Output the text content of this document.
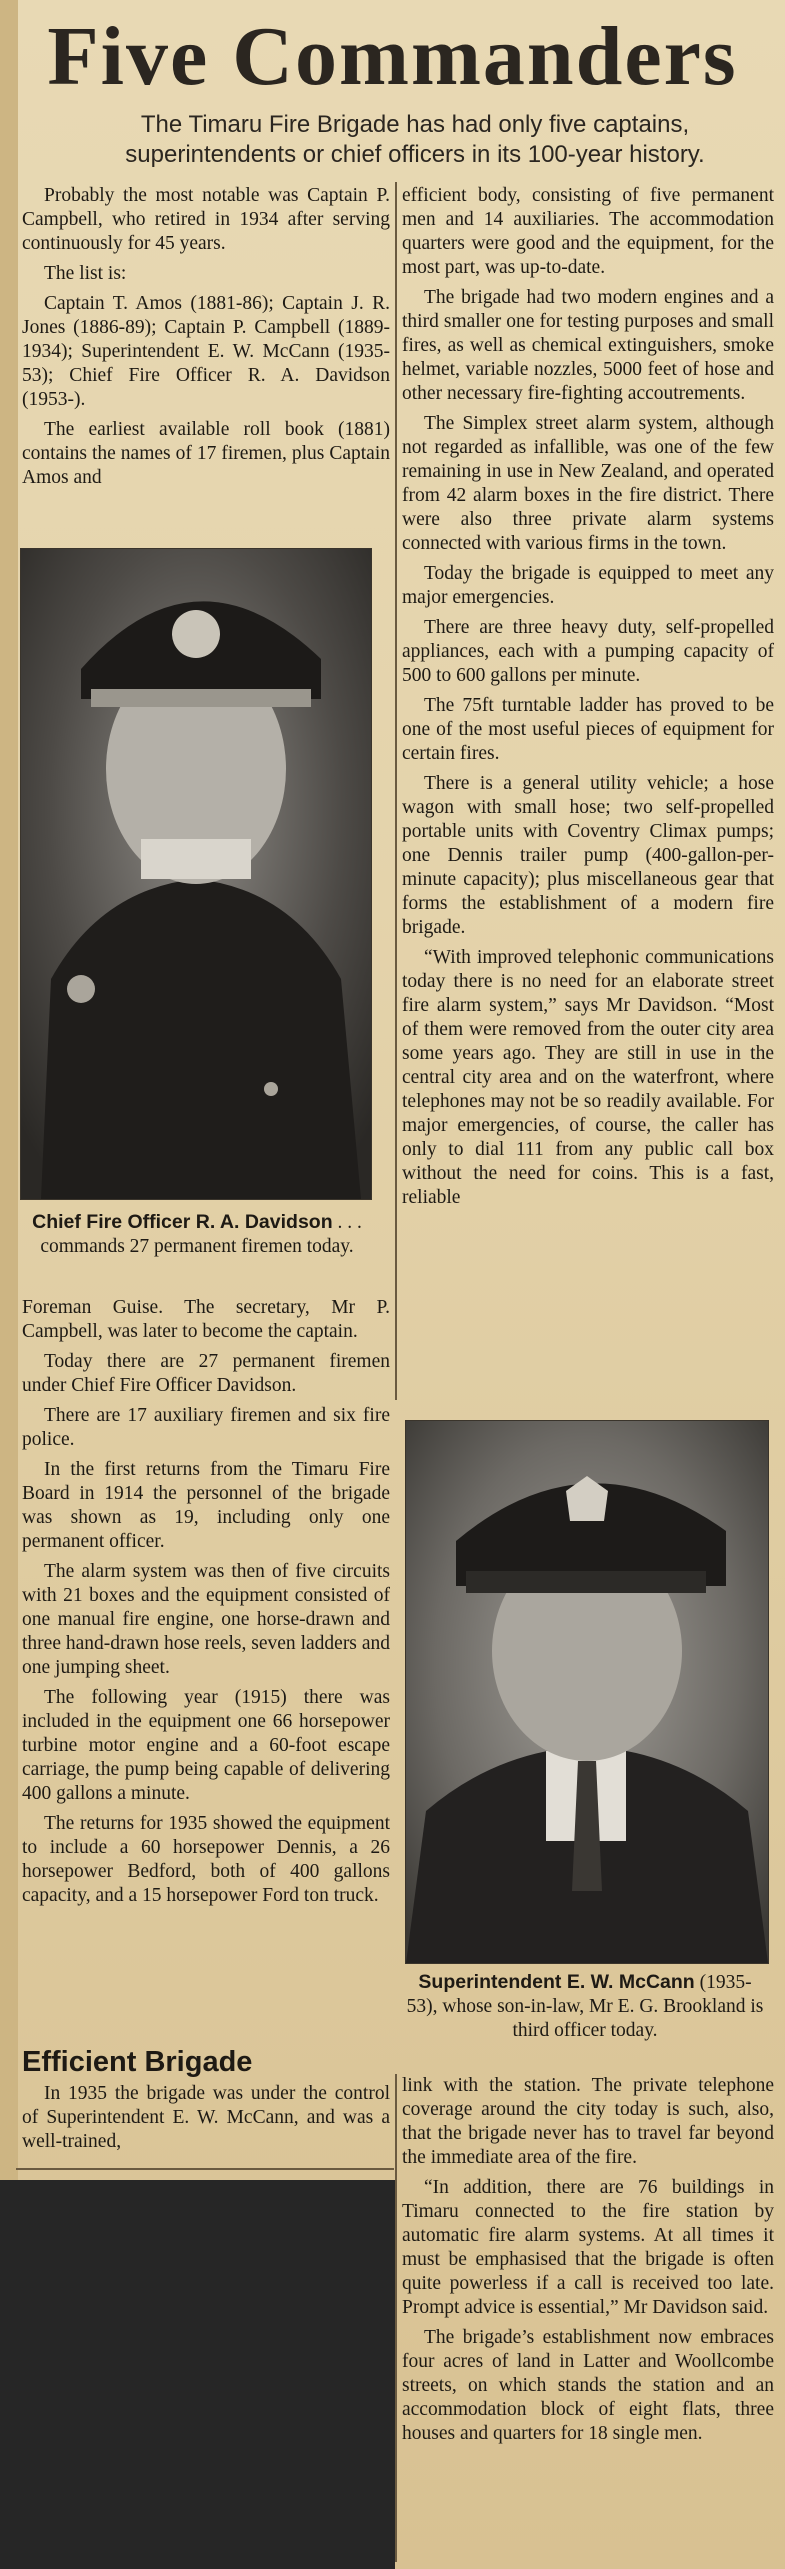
Five Commanders
The Timaru Fire Brigade has had only five captains, superintendents or chief officers in its 100-year history.

Probably the most notable was Captain P. Campbell, who retired in 1934 after serving continuously for 45 years.

The list is:

Captain T. Amos (1881-86); Captain J. R. Jones (1886-89); Captain P. Campbell (1889-1934); Superintendent E. W. McCann (1935-53); Chief Fire Officer R. A. Davidson (1953-).

The earliest available roll book (1881) contains the names of 17 firemen, plus Captain Amos and

Chief Fire Officer R. A. Davidson . . . commands 27 permanent firemen today.

Foreman Guise. The secretary, Mr P. Campbell, was later to become the captain.

Today there are 27 permanent firemen under Chief Fire Officer Davidson.

There are 17 auxiliary firemen and six fire police.

In the first returns from the Timaru Fire Board in 1914 the personnel of the brigade was shown as 19, including only one permanent officer.

The alarm system was then of five circuits with 21 boxes and the equipment consisted of one manual fire engine, one horse-drawn and three hand-drawn hose reels, seven ladders and one jumping sheet.

The following year (1915) there was included in the equipment one 66 horsepower turbine motor engine and a 60-foot escape carriage, the pump being capable of delivering 400 gallons a minute.

The returns for 1935 showed the equipment to include a 60 horsepower Dennis, a 26 horsepower Bedford, both of 400 gallons capacity, and a 15 horsepower Ford ton truck.

Efficient Brigade

In 1935 the brigade was under the control of Superintendent E. W. McCann, and was a well-trained,

efficient body, consisting of five permanent men and 14 auxiliaries. The accommodation quarters were good and the equipment, for the most part, was up-to-date.

The brigade had two modern engines and a third smaller one for testing purposes and small fires, as well as chemical extinguishers, smoke helmet, variable nozzles, 5000 feet of hose and other necessary fire-fighting accoutrements.

The Simplex street alarm system, although not regarded as infallible, was one of the few remaining in use in New Zealand, and operated from 42 alarm boxes in the fire district. There were also three private alarm systems connected with various firms in the town.

Today the brigade is equipped to meet any major emergencies.

There are three heavy duty, self-propelled appliances, each with a pumping capacity of 500 to 600 gallons per minute.

The 75ft turntable ladder has proved to be one of the most useful pieces of equipment for certain fires.

There is a general utility vehicle; a hose wagon with small hose; two self-propelled portable units with Coventry Climax pumps; one Dennis trailer pump (400-gallon-per-minute capacity); plus miscellaneous gear that forms the establishment of a modern fire brigade.

“With improved telephonic communications today there is no need for an elaborate street fire alarm system,” says Mr Davidson. “Most of them were removed from the outer city area some years ago. They are still in use in the central city area and on the waterfront, where telephones may not be so readily available. For major emergencies, of course, the caller has only to dial 111 from any public call box without the need for coins. This is a fast, reliable

Superintendent E. W. McCann (1935-53), whose son-in-law, Mr E. G. Brookland is third officer today.

link with the station. The private telephone coverage around the city today is such, also, that the brigade never has to travel far beyond the immediate area of the fire.

“In addition, there are 76 buildings in Timaru connected to the fire station by automatic fire alarm systems. At all times it must be emphasised that the brigade is often quite powerless if a call is received too late. Prompt advice is essential,” Mr Davidson said.

The brigade’s establishment now embraces four acres of land in Latter and Woollcombe streets, on which stands the station and an accommodation block of eight flats, three houses and quarters for 18 single men.
